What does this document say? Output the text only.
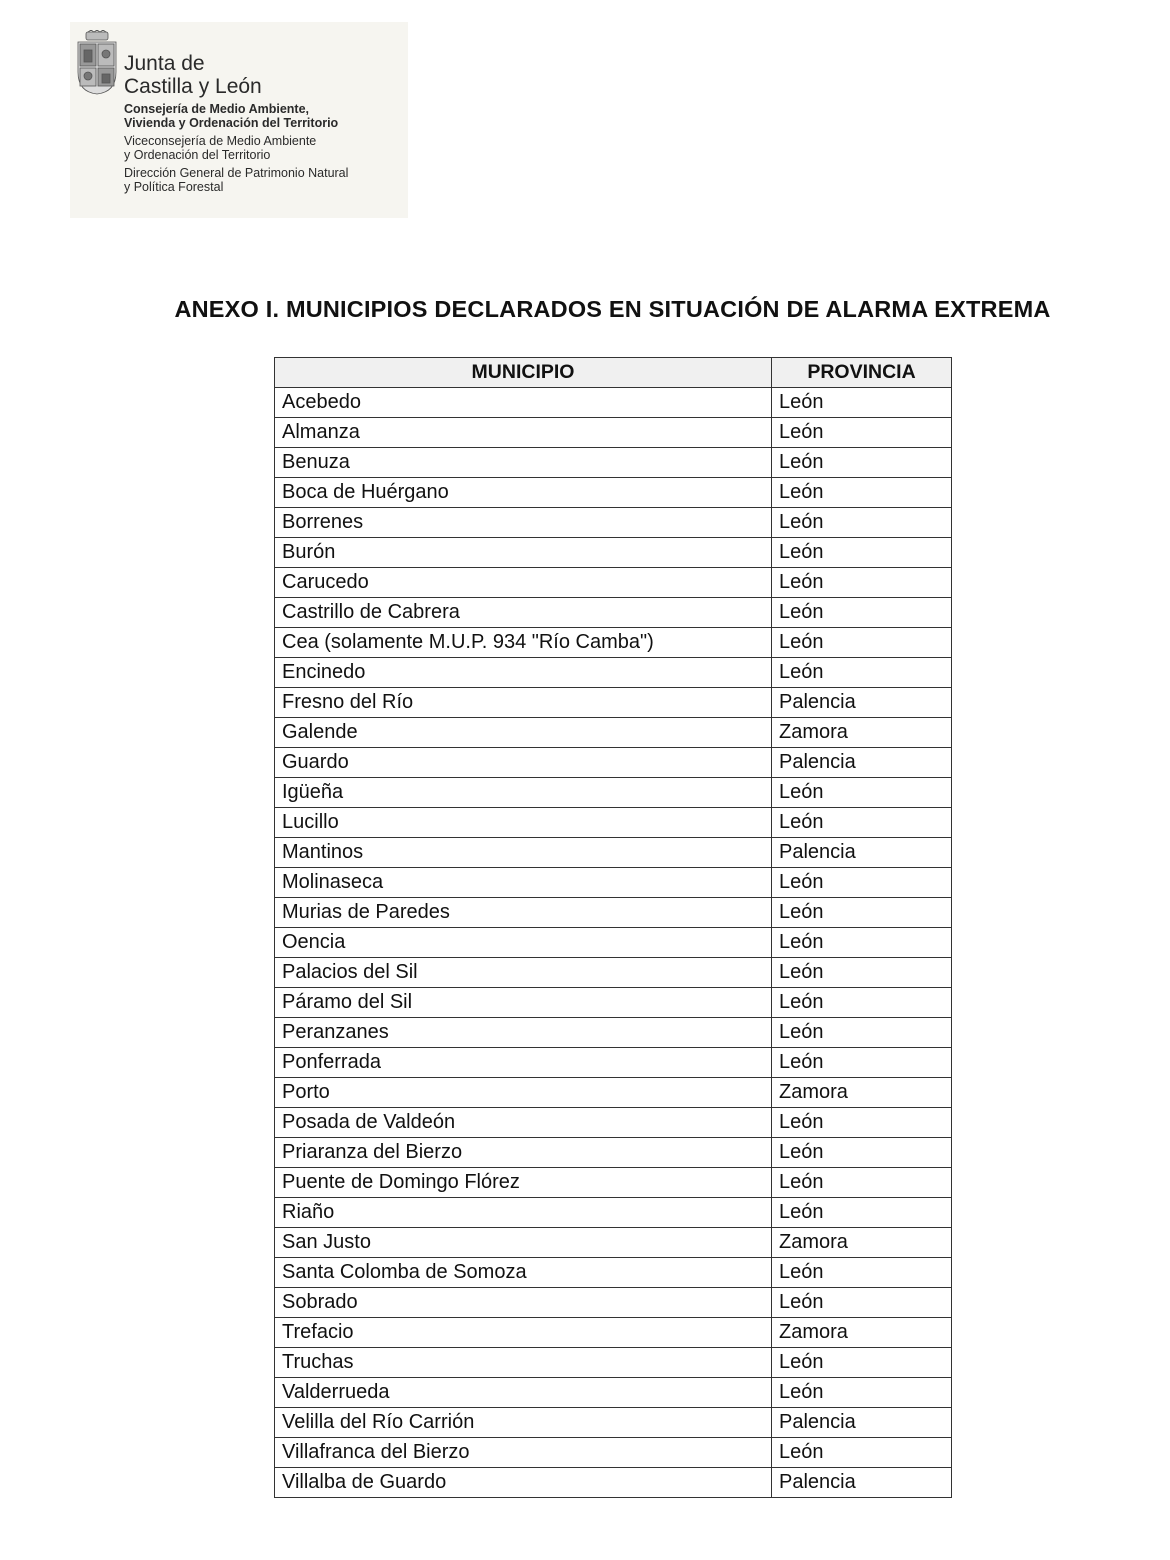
Junta de
Castilla y León
Consejería de Medio Ambiente,
Vivienda y Ordenación del Territorio
Viceconsejería de Medio Ambiente
y Ordenación del Territorio
Dirección General de Patrimonio Natural
y Política Forestal
ANEXO I. MUNICIPIOS DECLARADOS EN SITUACIÓN DE ALARMA EXTREMA
MUNICIPIO	PROVINCIA
Acebedo	León
Almanza	León
Benuza	León
Boca de Huérgano	León
Borrenes	León
Burón	León
Carucedo	León
Castrillo de Cabrera	León
Cea (solamente M.U.P. 934 "Río Camba")	León
Encinedo	León
Fresno del Río	Palencia
Galende	Zamora
Guardo	Palencia
Igüeña	León
Lucillo	León
Mantinos	Palencia
Molinaseca	León
Murias de Paredes	León
Oencia	León
Palacios del Sil	León
Páramo del Sil	León
Peranzanes	León
Ponferrada	León
Porto	Zamora
Posada de Valdeón	León
Priaranza del Bierzo	León
Puente de Domingo Flórez	León
Riaño	León
San Justo	Zamora
Santa Colomba de Somoza	León
Sobrado	León
Trefacio	Zamora
Truchas	León
Valderrueda	León
Velilla del Río Carrión	Palencia
Villafranca del Bierzo	León
Villalba de Guardo	Palencia
